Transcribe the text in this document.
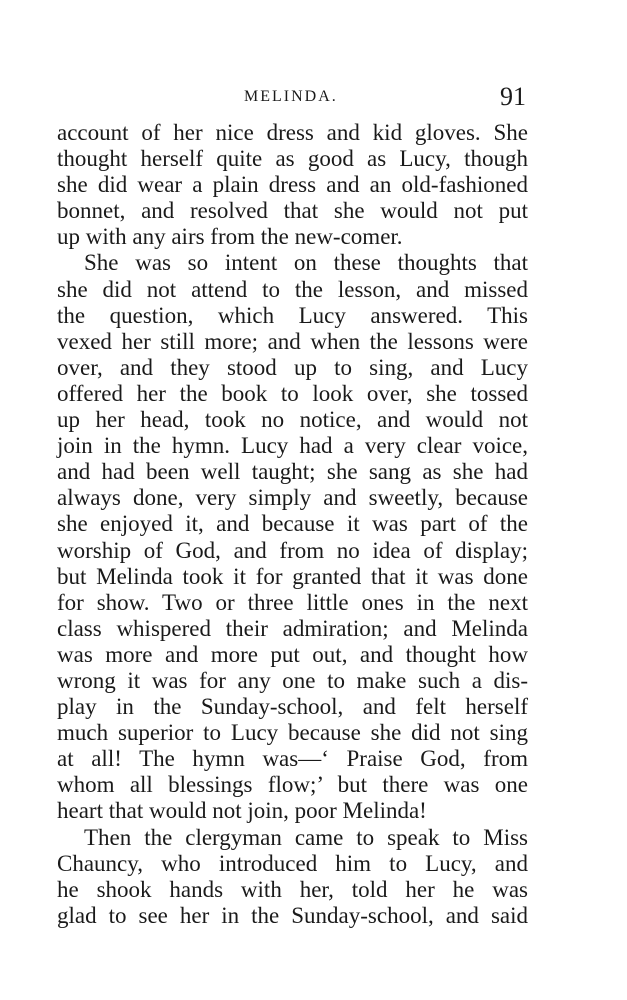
MELINDA.	91
account of her nice dress and kid gloves. She
thought herself quite as good as Lucy, though
she did wear a plain dress and an old-fashioned
bonnet, and resolved that she would not put
up with any airs from the new-comer.
She was so intent on these thoughts that
she did not attend to the lesson, and missed
the question, which Lucy answered. This
vexed her still more; and when the lessons were
over, and they stood up to sing, and Lucy
offered her the book to look over, she tossed
up her head, took no notice, and would not
join in the hymn. Lucy had a very clear voice,
and had been well taught; she sang as she had
always done, very simply and sweetly, because
she enjoyed it, and because it was part of the
worship of God, and from no idea of display;
but Melinda took it for granted that it was done
for show. Two or three little ones in the next
class whispered their admiration; and Melinda
was more and more put out, and thought how
wrong it was for any one to make such a dis-
play in the Sunday-school, and felt herself
much superior to Lucy because she did not sing
at all! The hymn was—‘ Praise God, from
whom all blessings flow;’ but there was one
heart that would not join, poor Melinda!
Then the clergyman came to speak to Miss
Chauncy, who introduced him to Lucy, and
he shook hands with her, told her he was
glad to see her in the Sunday-school, and said
